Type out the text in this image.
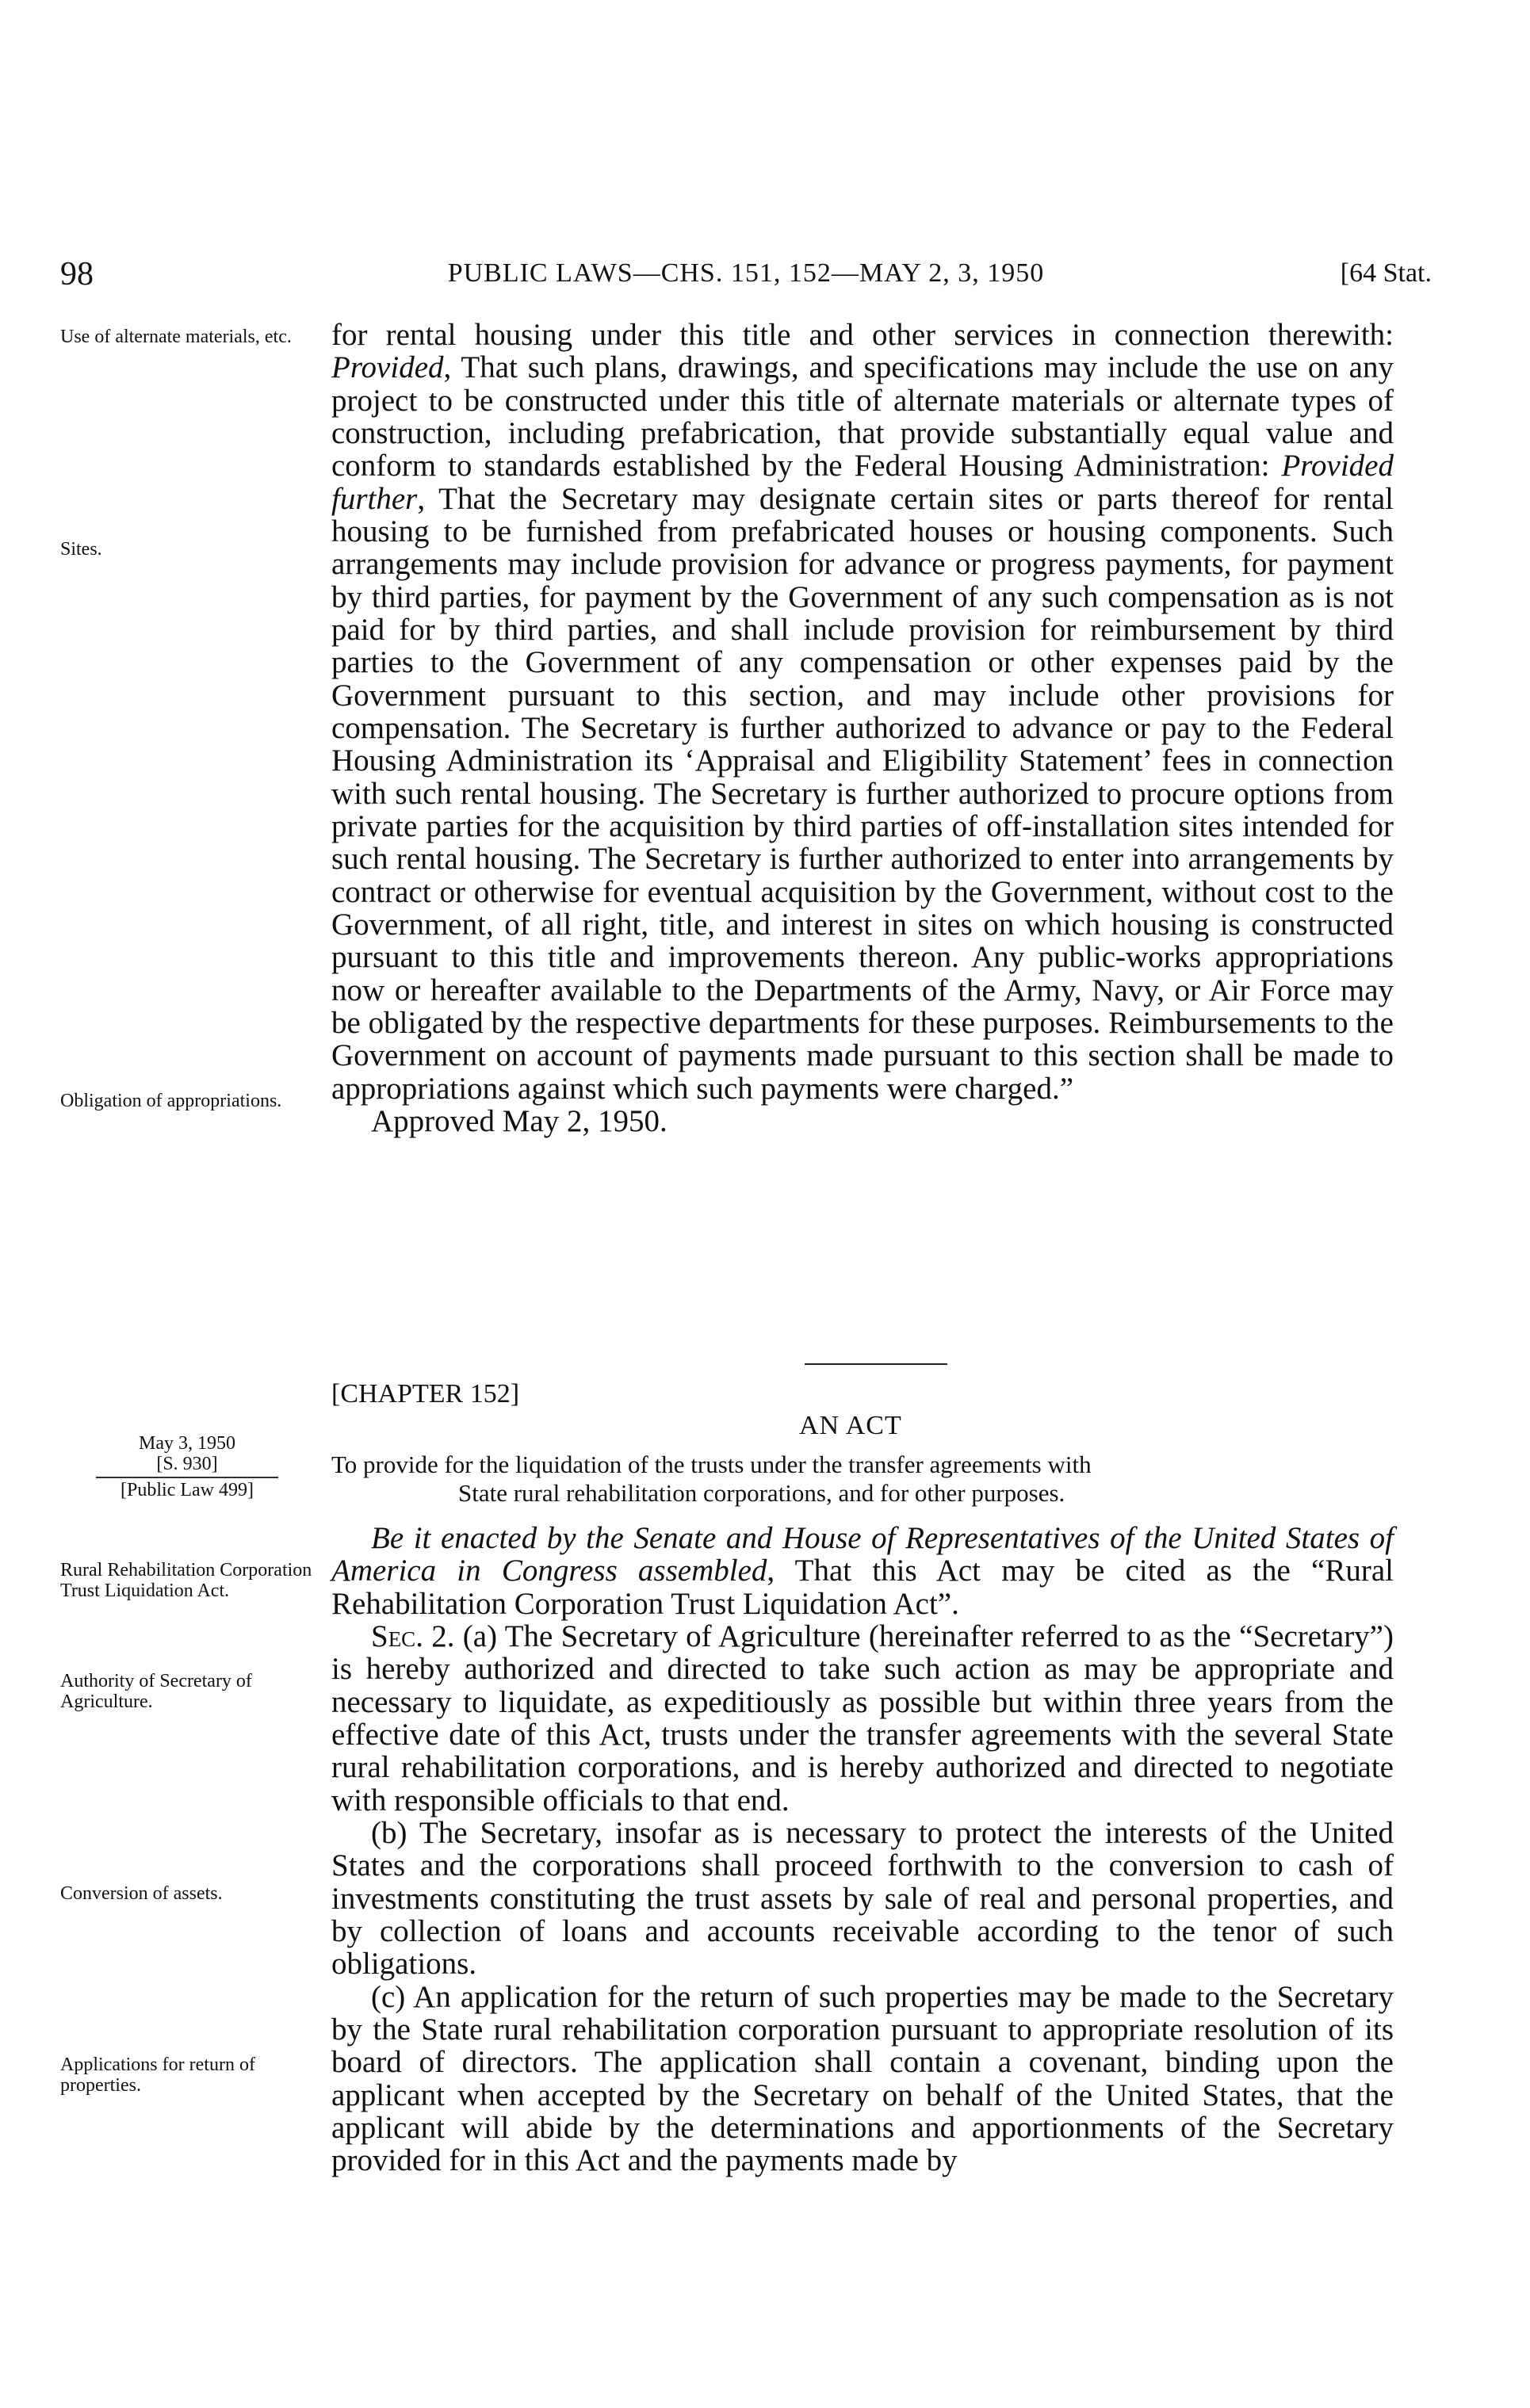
98	PUBLIC LAWS—CHS. 151, 152—MAY 2, 3, 1950	[64 Stat.
Use of alternate materials, etc.
Sites.
Obligation of appropriations.
May 3, 1950
[S. 930]
[Public Law 499]
Rural Rehabilitation Corporation Trust Liquidation Act.
Authority of Secretary of Agriculture.
Conversion of assets.
Applications for return of properties.

for rental housing under this title and other services in connection therewith: Provided, That such plans, drawings, and specifications may include the use on any project to be constructed under this title of alternate materials or alternate types of construction, including prefabrication, that provide substantially equal value and conform to standards established by the Federal Housing Administration: Provided further, That the Secretary may designate certain sites or parts thereof for rental housing to be furnished from prefabricated houses or housing components. Such arrangements may include provision for advance or progress payments, for payment by third parties, for payment by the Government of any such compensation as is not paid for by third parties, and shall include provision for reimbursement by third parties to the Government of any compensation or other expenses paid by the Government pursuant to this section, and may include other provisions for compensation. The Secretary is further authorized to advance or pay to the Federal Housing Administration its ‘Appraisal and Eligibility Statement’ fees in connection with such rental housing. The Secretary is further authorized to procure options from private parties for the acquisition by third parties of off-installation sites intended for such rental housing. The Secretary is further authorized to enter into arrangements by contract or otherwise for eventual acquisition by the Government, without cost to the Government, of all right, title, and interest in sites on which housing is constructed pursuant to this title and improvements thereon. Any public-works appropriations now or hereafter available to the Departments of the Army, Navy, or Air Force may be obligated by the respective departments for these purposes. Reimbursements to the Government on account of payments made pursuant to this section shall be made to appropriations against which such payments were charged.”

Approved May 2, 1950.

[CHAPTER 152]
AN ACT
To provide for the liquidation of the trusts under the transfer agreements with
State rural rehabilitation corporations, and for other purposes.

Be it enacted by the Senate and House of Representatives of the United States of America in Congress assembled, That this Act may be cited as the “Rural Rehabilitation Corporation Trust Liquidation Act”.

Sec. 2. (a) The Secretary of Agriculture (hereinafter referred to as the “Secretary”) is hereby authorized and directed to take such action as may be appropriate and necessary to liquidate, as expeditiously as possible but within three years from the effective date of this Act, trusts under the transfer agreements with the several State rural rehabilitation corporations, and is hereby authorized and directed to negotiate with responsible officials to that end.

(b) The Secretary, insofar as is necessary to protect the interests of the United States and the corporations shall proceed forthwith to the conversion to cash of investments constituting the trust assets by sale of real and personal properties, and by collection of loans and accounts receivable according to the tenor of such obligations.

(c) An application for the return of such properties may be made to the Secretary by the State rural rehabilitation corporation pursuant to appropriate resolution of its board of directors. The application shall contain a covenant, binding upon the applicant when accepted by the Secretary on behalf of the United States, that the applicant will abide by the determinations and apportionments of the Secretary provided for in this Act and the payments made by
